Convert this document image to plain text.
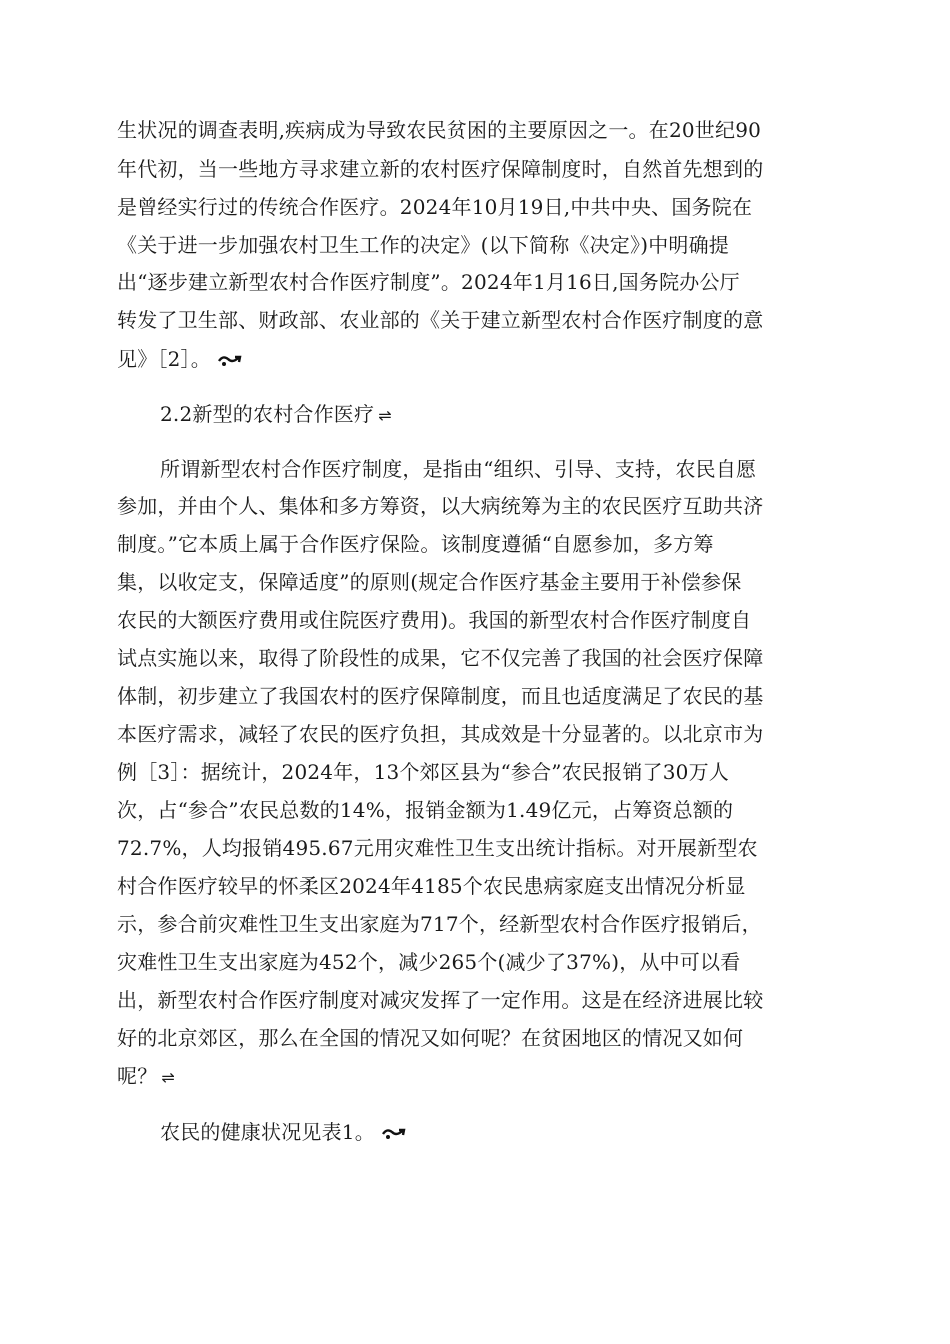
生状况的调查表明,疾病成为导致农民贫困的主要原因之一。在20世纪90
年代初，当一些地方寻求建立新的农村医疗保障制度时，自然首先想到的
是曾经实行过的传统合作医疗。2024年10月19日,中共中央、国务院在
《关于进一步加强农村卫生工作的决定》(以下简称《决定》)中明确提
出“逐步建立新型农村合作医疗制度”。2024年1月16日,国务院办公厅
转发了卫生部、财政部、农业部的《关于建立新型农村合作医疗制度的意
见》［2］。
2.2新型的农村合作医疗 ⇌
所谓新型农村合作医疗制度，是指由“组织、引导、支持，农民自愿
参加，并由个人、集体和多方筹资，以大病统筹为主的农民医疗互助共济
制度。”它本质上属于合作医疗保险。该制度遵循“自愿参加，多方筹
集，以收定支，保障适度”的原则(规定合作医疗基金主要用于补偿参保
农民的大额医疗费用或住院医疗费用)。我国的新型农村合作医疗制度自
试点实施以来，取得了阶段性的成果，它不仅完善了我国的社会医疗保障
体制，初步建立了我国农村的医疗保障制度，而且也适度满足了农民的基
本医疗需求，减轻了农民的医疗负担，其成效是十分显著的。以北京市为
例［3］：据统计，2024年，13个郊区县为“参合”农民报销了30万人
次，占“参合”农民总数的14%，报销金额为1.49亿元，占筹资总额的
72.7%，人均报销495.67元用灾难性卫生支出统计指标。对开展新型农
村合作医疗较早的怀柔区2024年4185个农民患病家庭支出情况分析显
示，参合前灾难性卫生支出家庭为717个，经新型农村合作医疗报销后，
灾难性卫生支出家庭为452个，减少265个(减少了37%)，从中可以看
出，新型农村合作医疗制度对减灾发挥了一定作用。这是在经济进展比较
好的北京郊区，那么在全国的情况又如何呢？在贫困地区的情况又如何
呢？ ⇌
农民的健康状况见表1。
